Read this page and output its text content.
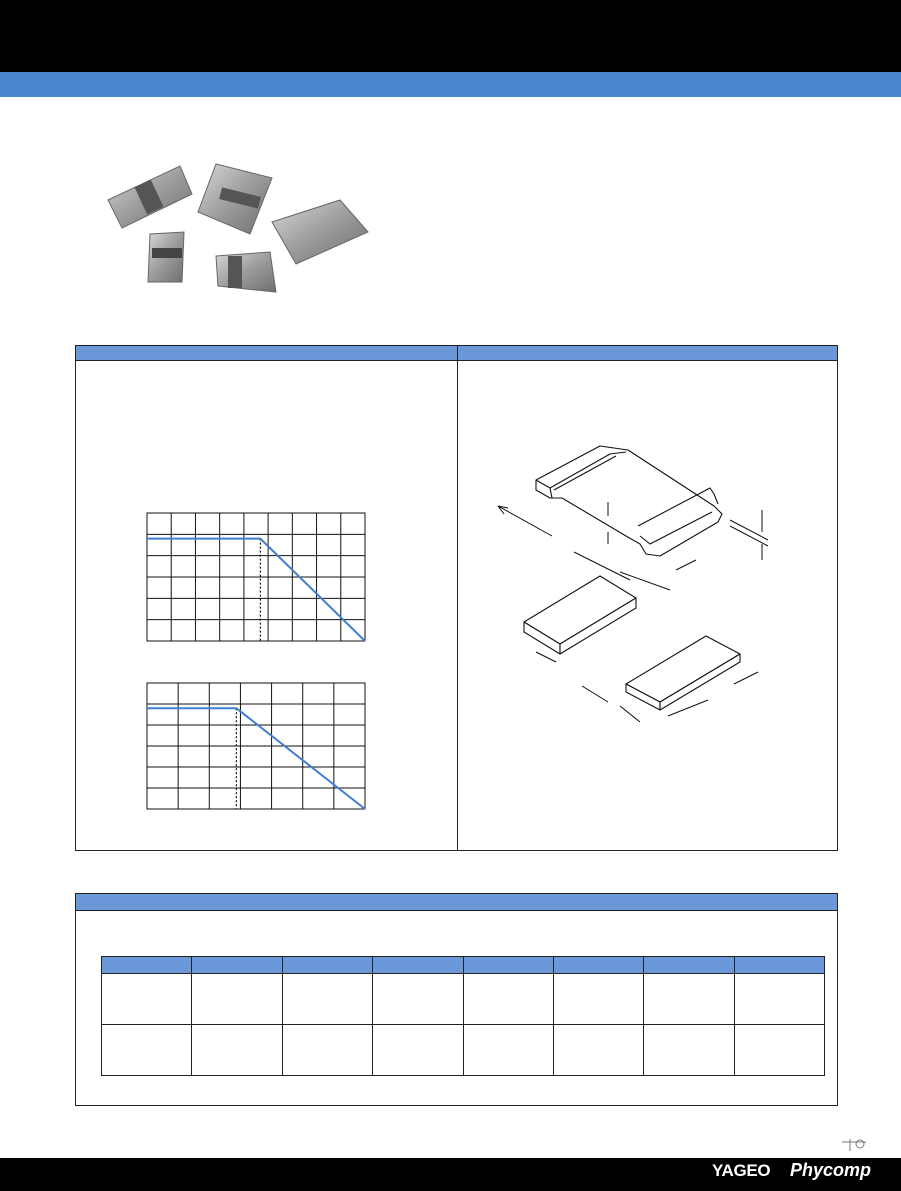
YAGEO Phycomp
